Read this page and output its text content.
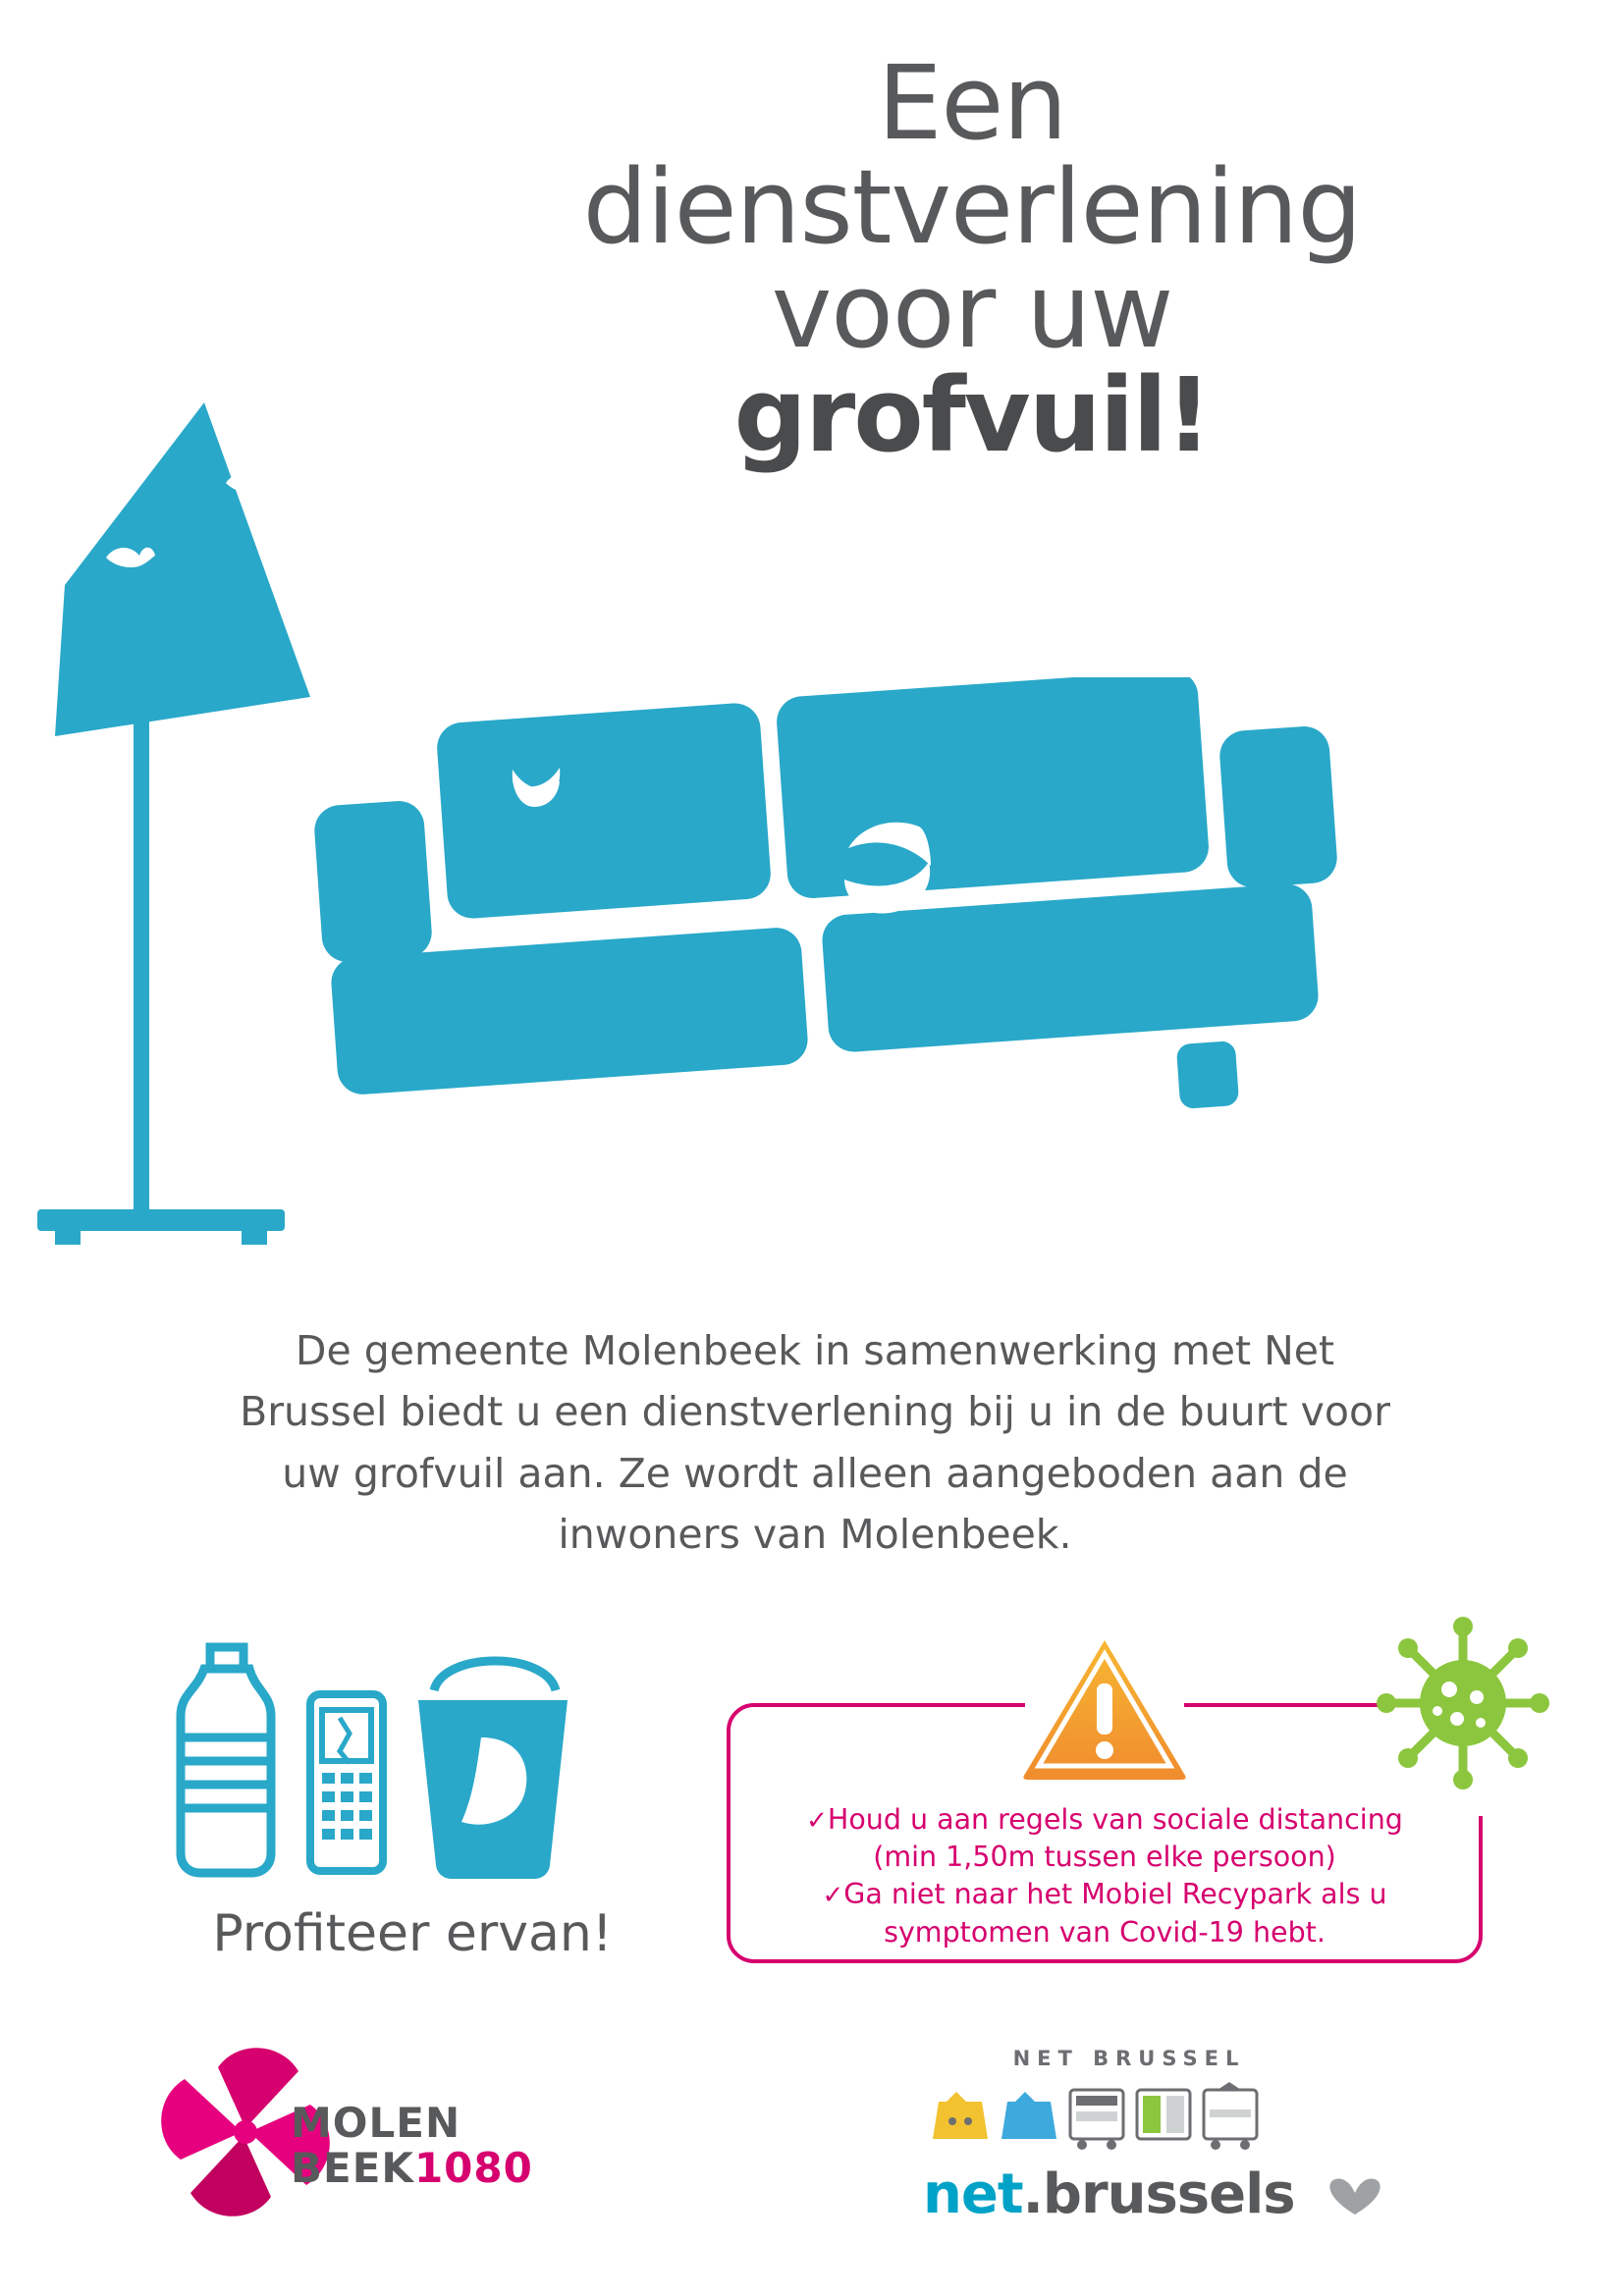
Een
dienstverlening
voor uw
grofvuil!
De gemeente Molenbeek in samenwerking met Net Brussel biedt u een dienstverlening bij u in de buurt voor uw grofvuil aan. Ze wordt alleen aangeboden aan de inwoners van Molenbeek.
Profiteer ervan!
✓Houd u aan regels van sociale distancing
(min 1,50m tussen elke persoon)
✓Ga niet naar het Mobiel Recypark als u
symptomen van Covid-19 hebt.
MOLEN
BEEK1080
NET BRUSSEL
net.brussels
